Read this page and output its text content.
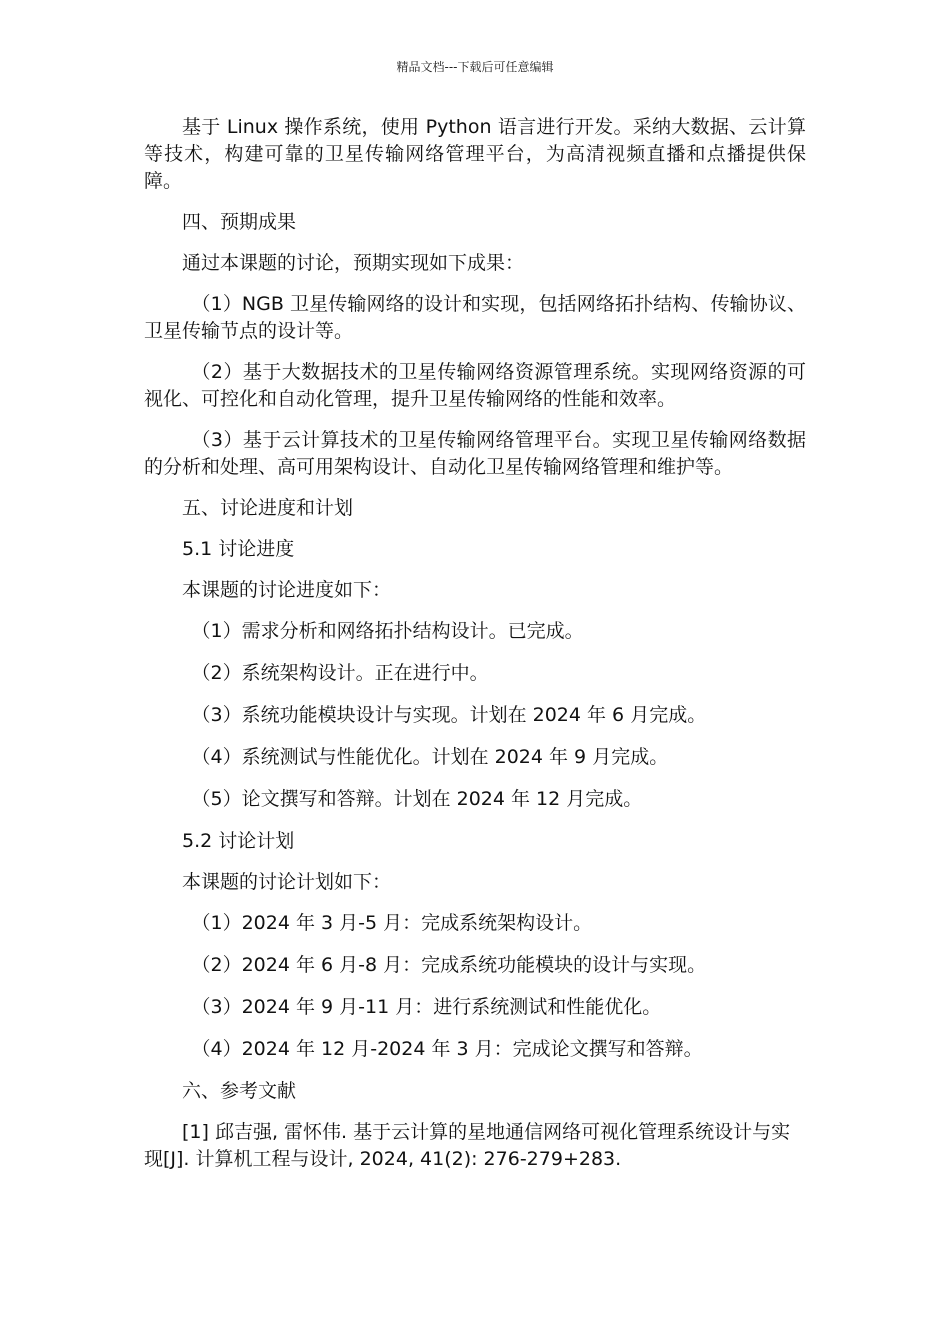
精品文档---下载后可任意编辑

基于 Linux 操作系统，使用 Python 语言进行开发。采纳大数据、云计算等技术，构建可靠的卫星传输网络管理平台，为高清视频直播和点播提供保障。

四、预期成果

通过本课题的讨论，预期实现如下成果：

（1）NGB 卫星传输网络的设计和实现，包括网络拓扑结构、传输协议、卫星传输节点的设计等。

（2）基于大数据技术的卫星传输网络资源管理系统。实现网络资源的可视化、可控化和自动化管理，提升卫星传输网络的性能和效率。

（3）基于云计算技术的卫星传输网络管理平台。实现卫星传输网络数据的分析和处理、高可用架构设计、自动化卫星传输网络管理和维护等。

五、讨论进度和计划

5.1 讨论进度

本课题的讨论进度如下：

（1）需求分析和网络拓扑结构设计。已完成。

（2）系统架构设计。正在进行中。

（3）系统功能模块设计与实现。计划在 2024 年 6 月完成。

（4）系统测试与性能优化。计划在 2024 年 9 月完成。

（5）论文撰写和答辩。计划在 2024 年 12 月完成。

5.2 讨论计划

本课题的讨论计划如下：

（1）2024 年 3 月-5 月：完成系统架构设计。

（2）2024 年 6 月-8 月：完成系统功能模块的设计与实现。

（3）2024 年 9 月-11 月：进行系统测试和性能优化。

（4）2024 年 12 月-2024 年 3 月：完成论文撰写和答辩。

六、参考文献

[1] 邱吉强, 雷怀伟. 基于云计算的星地通信网络可视化管理系统设计与实现[J]. 计算机工程与设计, 2024, 41(2): 276-279+283.
